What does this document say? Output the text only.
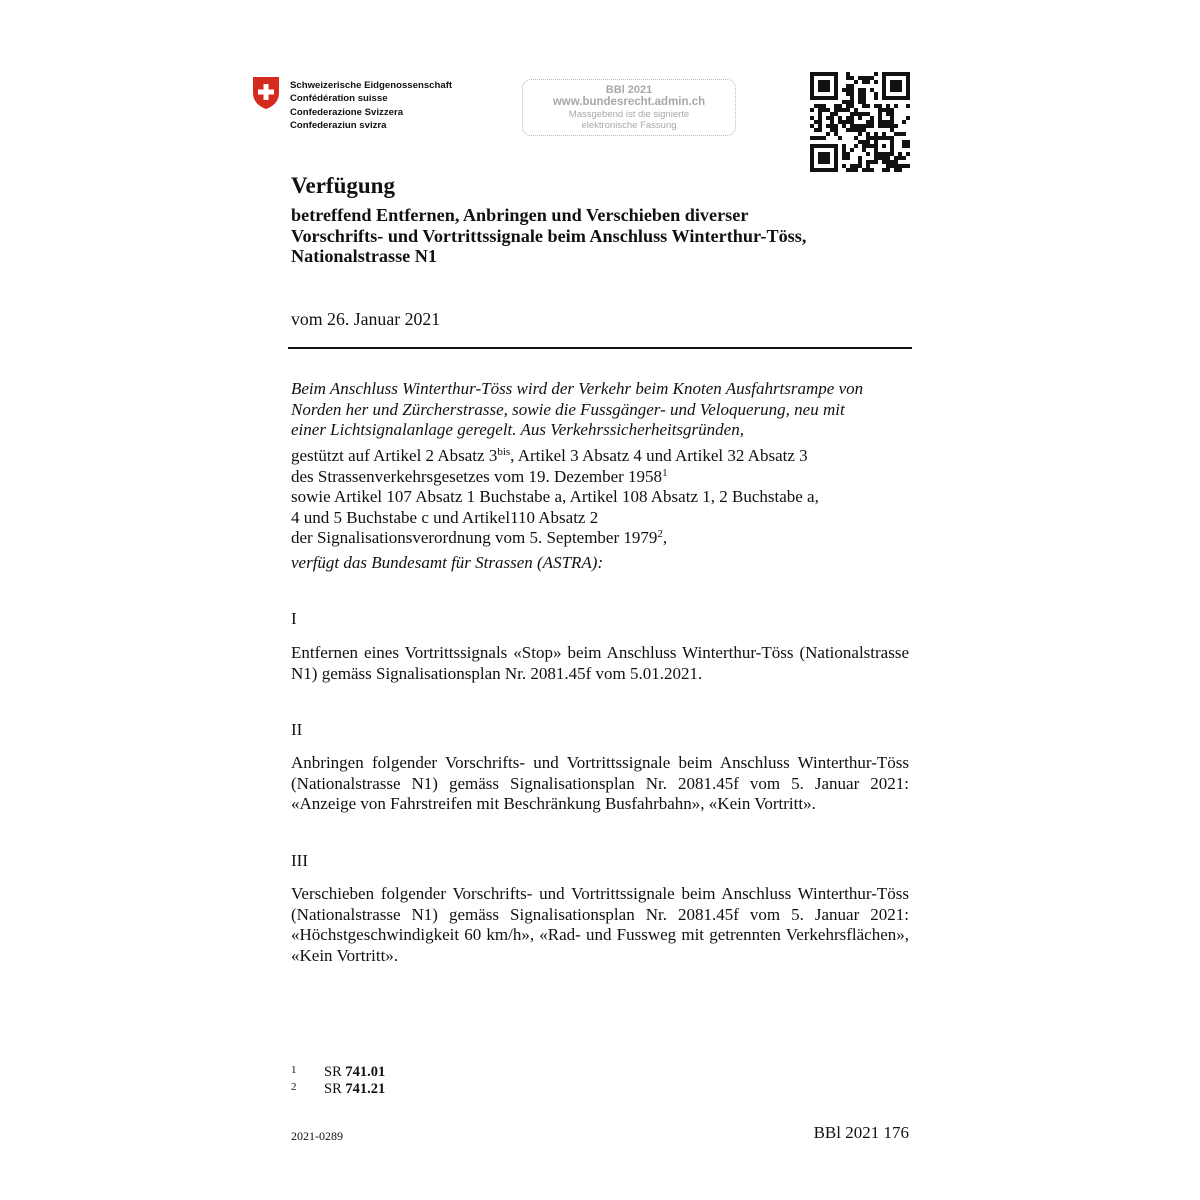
Schweizerische Eidgenossenschaft
Confédération suisse
Confederazione Svizzera
Confederaziun svizra
BBl 2021
www.bundesrecht.admin.ch
Massgebend ist die signierte
elektronische Fassung
Verfügung
betreffend Entfernen, Anbringen und Verschieben diverser
Vorschrifts- und Vortrittssignale beim Anschluss Winterthur-Töss,
Nationalstrasse N1
vom 26. Januar 2021
Beim Anschluss Winterthur-Töss wird der Verkehr beim Knoten Ausfahrtsrampe von
Norden her und Zürcherstrasse, sowie die Fussgänger- und Veloquerung, neu mit
einer Lichtsignalanlage geregelt. Aus Verkehrssicherheitsgründen,
gestützt auf Artikel 2 Absatz $3^{bis}$, Artikel 3 Absatz 4 und Artikel 32 Absatz 3
des Strassenverkehrsgesetzes vom 19. Dezember 1958$^1$
sowie Artikel 107 Absatz 1 Buchstabe a, Artikel 108 Absatz 1, 2 Buchstabe a,
4 und 5 Buchstabe c und Artikel110 Absatz 2
der Signalisationsverordnung vom 5. September 1979$^2$,
verfügt das Bundesamt für Strassen (ASTRA):
I
Entfernen eines Vortrittssignals «Stop» beim Anschluss Winterthur-Töss (Nationalstrasse N1) gemäss Signalisationsplan Nr. 2081.45f vom 5.01.2021.
II
Anbringen folgender Vorschrifts- und Vortrittssignale beim Anschluss Winterthur-Töss (Nationalstrasse N1) gemäss Signalisationsplan Nr. 2081.45f vom 5. Januar 2021: «Anzeige von Fahrstreifen mit Beschränkung Busfahrbahn», «Kein Vortritt».
III
Verschieben folgender Vorschrifts- und Vortrittssignale beim Anschluss Winterthur-Töss (Nationalstrasse N1) gemäss Signalisationsplan Nr. 2081.45f vom 5. Januar 2021: «Höchstgeschwindigkeit 60 km/h», «Rad- und Fussweg mit getrennten Verkehrsflächen», «Kein Vortritt».
1 SR 741.01
2 SR 741.21
2021-0289	BBl 2021 176
